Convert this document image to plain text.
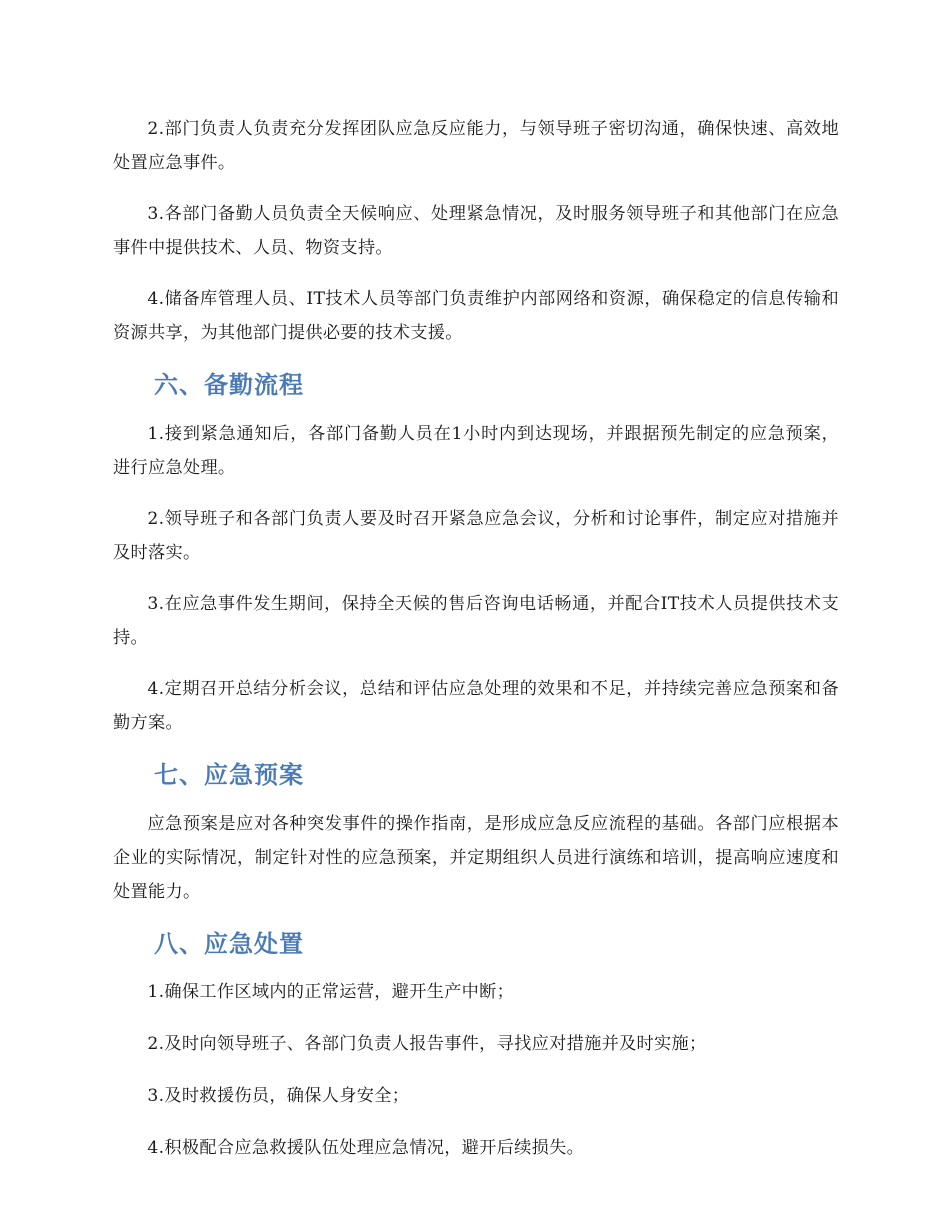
2.部门负责人负责充分发挥团队应急反应能力，与领导班子密切沟通，确保快速、高效地处置应急事件。

3.各部门备勤人员负责全天候响应、处理紧急情况，及时服务领导班子和其他部门在应急事件中提供技术、人员、物资支持。

4.储备库管理人员、IT技术人员等部门负责维护内部网络和资源，确保稳定的信息传输和资源共享，为其他部门提供必要的技术支援。

六、备勤流程

1.接到紧急通知后，各部门备勤人员在1小时内到达现场，并跟据预先制定的应急预案，进行应急处理。

2.领导班子和各部门负责人要及时召开紧急应急会议，分析和讨论事件，制定应对措施并及时落实。

3.在应急事件发生期间，保持全天候的售后咨询电话畅通，并配合IT技术人员提供技术支持。

4.定期召开总结分析会议，总结和评估应急处理的效果和不足，并持续完善应急预案和备勤方案。

七、应急预案

应急预案是应对各种突发事件的操作指南，是形成应急反应流程的基础。各部门应根据本企业的实际情况，制定针对性的应急预案，并定期组织人员进行演练和培训，提高响应速度和处置能力。

八、应急处置

1.确保工作区域内的正常运营，避开生产中断；

2.及时向领导班子、各部门负责人报告事件，寻找应对措施并及时实施；

3.及时救援伤员，确保人身安全；

4.积极配合应急救援队伍处理应急情况，避开后续损失。
